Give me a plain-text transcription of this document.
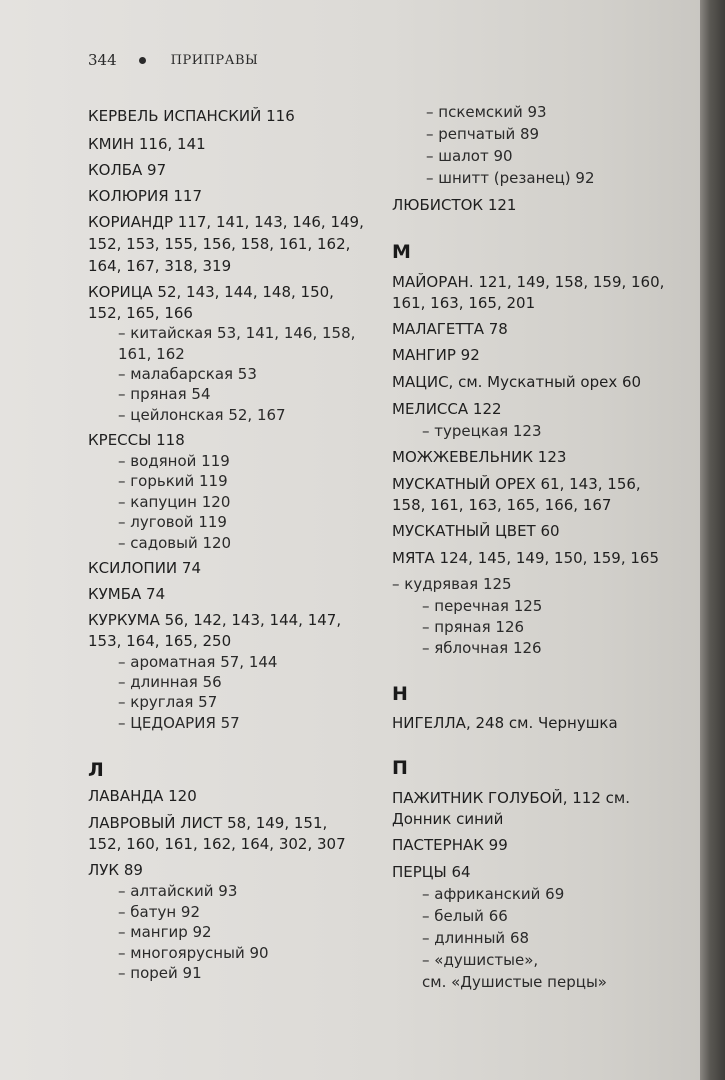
344	ПРИПРАВЫ
КЕРВЕЛЬ ИСПАНСКИЙ 116
КМИН 116, 141
КОЛБА 97
КОЛЮРИЯ 117
КОРИАНДР 117, 141, 143, 146, 149,
152, 153, 155, 156, 158, 161, 162,
164, 167, 318, 319
КОРИЦА 52, 143, 144, 148, 150,
152, 165, 166
– китайская 53, 141, 146, 158,
161, 162
– малабарская 53
– пряная 54
– цейлонская 52, 167
КРЕССЫ 118
– водяной 119
– горький 119
– капуцин 120
– луговой 119
– садовый 120
КСИЛОПИИ 74
КУМБА 74
КУРКУМА 56, 142, 143, 144, 147,
153, 164, 165, 250
– ароматная 57, 144
– длинная 56
– круглая 57
– ЦЕДОАРИЯ 57
Л
ЛАВАНДА 120
ЛАВРОВЫЙ ЛИСТ 58, 149, 151,
152, 160, 161, 162, 164, 302, 307
ЛУК 89
– алтайский 93
– батун 92
– мангир 92
– многоярусный 90
– порей 91
– пскемский 93
– репчатый 89
– шалот 90
– шнитт (резанец) 92
ЛЮБИСТОК 121
М
МАЙОРАН. 121, 149, 158, 159, 160,
161, 163, 165, 201
МАЛАГЕТТА 78
МАНГИР 92
МАЦИС, см. Мускатный орех 60
МЕЛИССА 122
– турецкая 123
МОЖЖЕВЕЛЬНИК 123
МУСКАТНЫЙ ОРЕХ 61, 143, 156,
158, 161, 163, 165, 166, 167
МУСКАТНЫЙ ЦВЕТ 60
МЯТА 124, 145, 149, 150, 159, 165
– кудрявая 125
– перечная 125
– пряная 126
– яблочная 126
Н
НИГЕЛЛА, 248 см. Чернушка
П
ПАЖИТНИК ГОЛУБОЙ, 112 см.
Донник синий
ПАСТЕРНАК 99
ПЕРЦЫ 64
– африканский 69
– белый 66
– длинный 68
– «душистые»,
см. «Душистые перцы»
